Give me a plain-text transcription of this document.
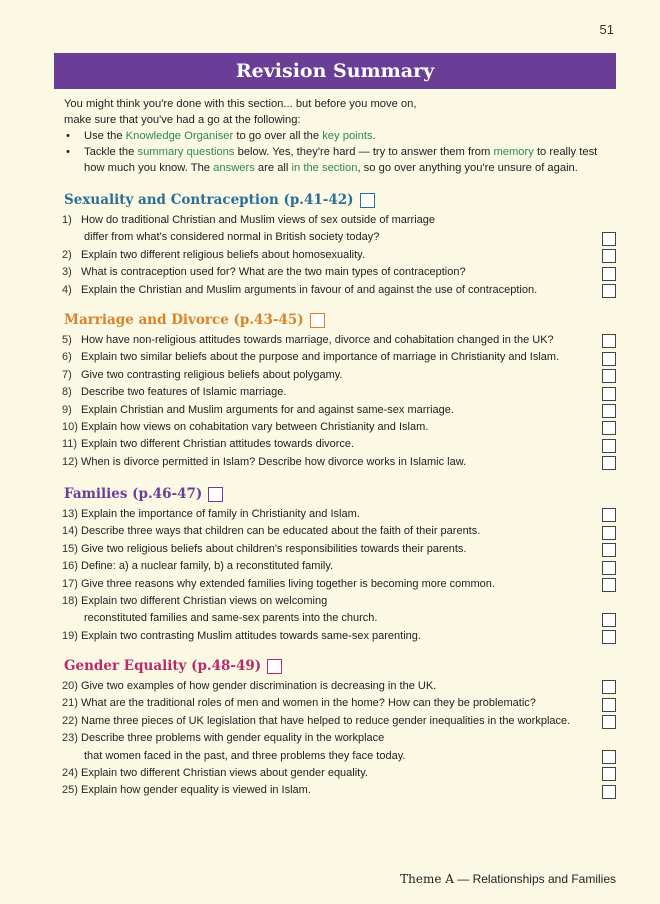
51
Revision Summary

You might think you're done with this section... but before you move on,

make sure that you've had a go at the following:

• Use the Knowledge Organiser to go over all the key points.
• Tackle the summary questions below. Yes, they're hard — try to answer them from memory to really test how much you know. The answers are all in the section, so go over anything you're unsure of again.
Sexuality and Contraception (p.41-42)
1) How do traditional Christian and Muslim views of sex outside of marriage
differ from what's considered normal in British society today?
2) Explain two different religious beliefs about homosexuality.
3) What is contraception used for? What are the two main types of contraception?
4) Explain the Christian and Muslim arguments in favour of and against the use of contraception.
Marriage and Divorce (p.43-45)
5) How have non-religious attitudes towards marriage, divorce and cohabitation changed in the UK?
6) Explain two similar beliefs about the purpose and importance of marriage in Christianity and Islam.
7) Give two contrasting religious beliefs about polygamy.
8) Describe two features of Islamic marriage.
9) Explain Christian and Muslim arguments for and against same-sex marriage.
10) Explain how views on cohabitation vary between Christianity and Islam.
11) Explain two different Christian attitudes towards divorce.
12) When is divorce permitted in Islam? Describe how divorce works in Islamic law.
Families (p.46-47)
13) Explain the importance of family in Christianity and Islam.
14) Describe three ways that children can be educated about the faith of their parents.
15) Give two religious beliefs about children's responsibilities towards their parents.
16) Define: a) a nuclear family, b) a reconstituted family.
17) Give three reasons why extended families living together is becoming more common.
18) Explain two different Christian views on welcoming
reconstituted families and same-sex parents into the church.
19) Explain two contrasting Muslim attitudes towards same-sex parenting.
Gender Equality (p.48-49)
20) Give two examples of how gender discrimination is decreasing in the UK.
21) What are the traditional roles of men and women in the home? How can they be problematic?
22) Name three pieces of UK legislation that have helped to reduce gender inequalities in the workplace.
23) Describe three problems with gender equality in the workplace
that women faced in the past, and three problems they face today.
24) Explain two different Christian views about gender equality.
25) Explain how gender equality is viewed in Islam.
Theme A — Relationships and Families
